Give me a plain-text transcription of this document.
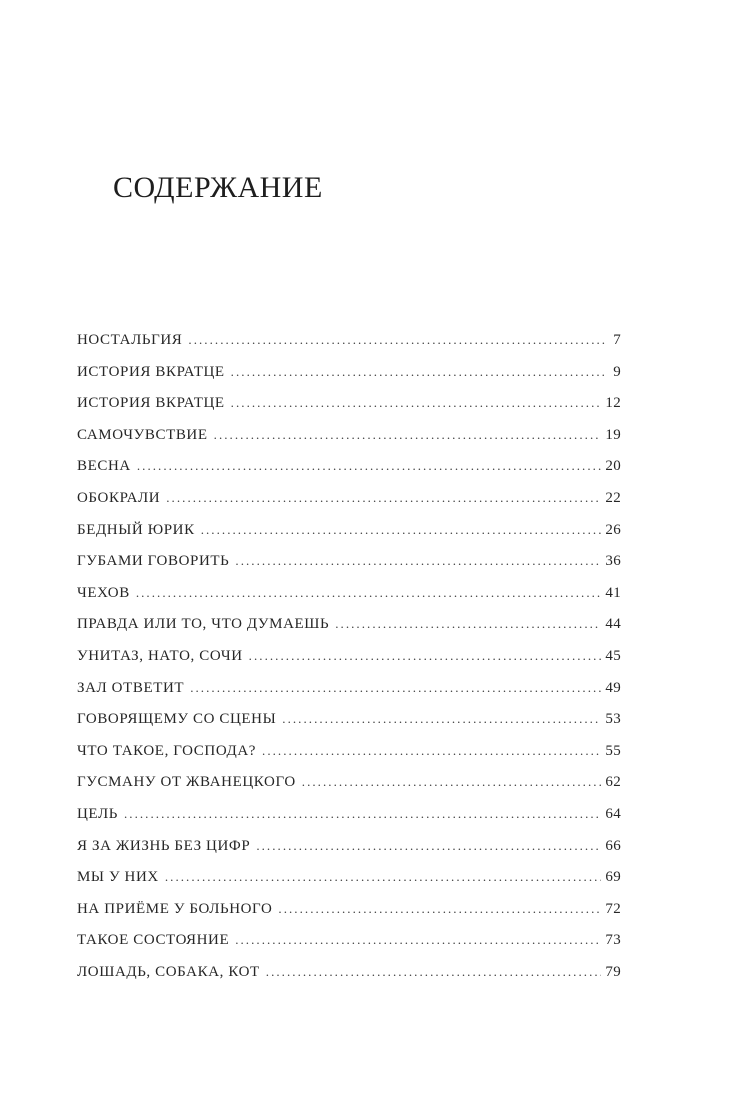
СОДЕРЖАНИЕ
НОСТАЛЬГИЯ . . .	7
ИСТОРИЯ ВКРАТЦЕ . . .	9
ИСТОРИЯ ВКРАТЦЕ . . .	12
САМОЧУВСТВИЕ . . .	19
ВЕСНА . . .	20
ОБОКРАЛИ . . .	22
БЕДНЫЙ ЮРИК . . .	26
ГУБАМИ ГОВОРИТЬ . . .	36
ЧЕХОВ . . .	41
ПРАВДА ИЛИ ТО, ЧТО ДУМАЕШЬ . . .	44
УНИТАЗ, НАТО, СОЧИ . . .	45
ЗАЛ ОТВЕТИТ . . .	49
ГОВОРЯЩЕМУ СО СЦЕНЫ . . .	53
ЧТО ТАКОЕ, ГОСПОДА? . . .	55
ГУСМАНУ ОТ ЖВАНЕЦКОГО . . .	62
ЦЕЛЬ . . .	64
Я ЗА ЖИЗНЬ БЕЗ ЦИФР . . .	66
МЫ У НИХ . . .	69
НА ПРИЁМЕ У БОЛЬНОГО . . .	72
ТАКОЕ СОСТОЯНИЕ . . .	73
ЛОШАДЬ, СОБАКА, КОТ . . .	79
